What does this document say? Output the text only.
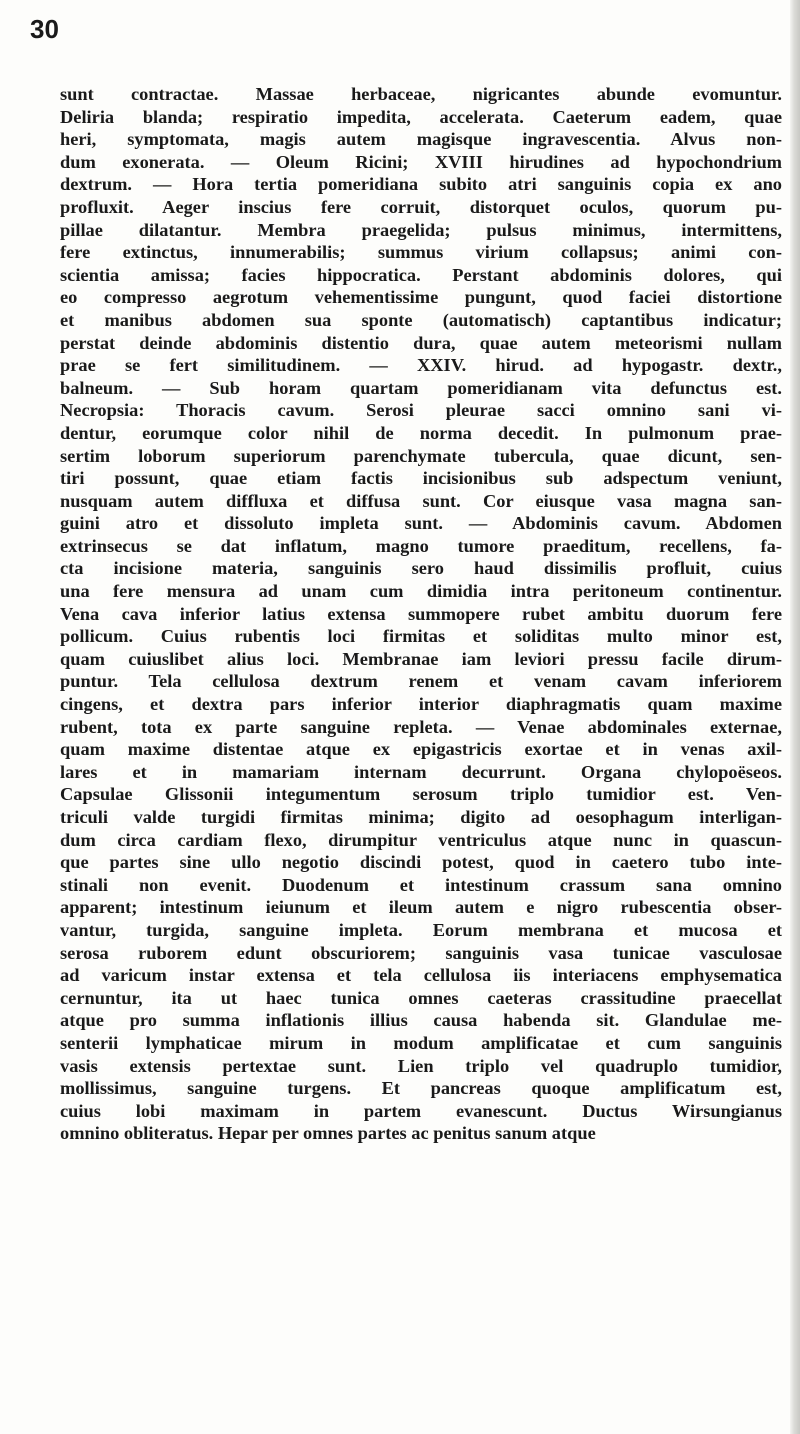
30
sunt contractae. Massae herbaceae, nigricantes abunde evomuntur.
Deliria blanda; respiratio impedita, accelerata. Caeterum eadem, quae
heri, symptomata, magis autem magisque ingravescentia. Alvus non-
dum exonerata. — Oleum Ricini; XVIII hirudines ad hypochondrium
dextrum. — Hora tertia pomeridiana subito atri sanguinis copia ex ano
profluxit. Aeger inscius fere corruit, distorquet oculos, quorum pu-
pillae dilatantur. Membra praegelida; pulsus minimus, intermittens,
fere extinctus, innumerabilis; summus virium collapsus; animi con-
scientia amissa; facies hippocratica. Perstant abdominis dolores, qui
eo compresso aegrotum vehementissime pungunt, quod faciei distortione
et manibus abdomen sua sponte (automatisch) captantibus indicatur;
perstat deinde abdominis distentio dura, quae autem meteorismi nullam
prae se fert similitudinem. — XXIV. hirud. ad hypogastr. dextr.,
balneum. — Sub horam quartam pomeridianam vita defunctus est.
Necropsia: Thoracis cavum. Serosi pleurae sacci omnino sani vi-
dentur, eorumque color nihil de norma decedit. In pulmonum prae-
sertim loborum superiorum parenchymate tubercula, quae dicunt, sen-
tiri possunt, quae etiam factis incisionibus sub adspectum veniunt,
nusquam autem diffluxa et diffusa sunt. Cor eiusque vasa magna san-
guini atro et dissoluto impleta sunt. — Abdominis cavum. Abdomen
extrinsecus se dat inflatum, magno tumore praeditum, recellens, fa-
cta incisione materia, sanguinis sero haud dissimilis profluit, cuius
una fere mensura ad unam cum dimidia intra peritoneum continentur.
Vena cava inferior latius extensa summopere rubet ambitu duorum fere
pollicum. Cuius rubentis loci firmitas et soliditas multo minor est,
quam cuiuslibet alius loci. Membranae iam leviori pressu facile dirum-
puntur. Tela cellulosa dextrum renem et venam cavam inferiorem
cingens, et dextra pars inferior interior diaphragmatis quam maxime
rubent, tota ex parte sanguine repleta. — Venae abdominales externae,
quam maxime distentae atque ex epigastricis exortae et in venas axil-
lares et in mamariam internam decurrunt. Organa chylopoëseos.
Capsulae Glissonii integumentum serosum triplo tumidior est. Ven-
triculi valde turgidi firmitas minima; digito ad oesophagum interligan-
dum circa cardiam flexo, dirumpitur ventriculus atque nunc in quascun-
que partes sine ullo negotio discindi potest, quod in caetero tubo inte-
stinali non evenit. Duodenum et intestinum crassum sana omnino
apparent; intestinum ieiunum et ileum autem e nigro rubescentia obser-
vantur, turgida, sanguine impleta. Eorum membrana et mucosa et
serosa ruborem edunt obscuriorem; sanguinis vasa tunicae vasculosae
ad varicum instar extensa et tela cellulosa iis interiacens emphysematica
cernuntur, ita ut haec tunica omnes caeteras crassitudine praecellat
atque pro summa inflationis illius causa habenda sit. Glandulae me-
senterii lymphaticae mirum in modum amplificatae et cum sanguinis
vasis extensis pertextae sunt. Lien triplo vel quadruplo tumidior,
mollissimus, sanguine turgens. Et pancreas quoque amplificatum est,
cuius lobi maximam in partem evanescunt. Ductus Wirsungianus
omnino obliteratus. Hepar per omnes partes ac penitus sanum atque
